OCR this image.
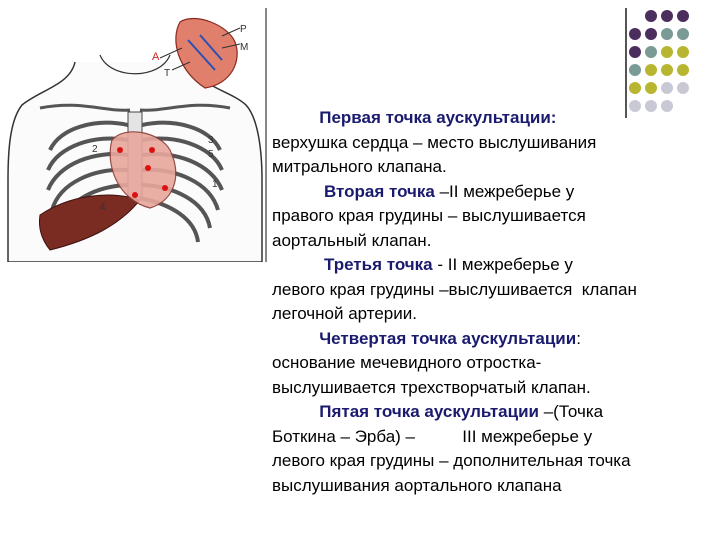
A
P
M
T
3
5
1
2
4
Первая точка аускультации:
верхушка сердца – место выслушивания
митрального клапана.
Вторая точка –II межреберье у
правого края грудины – выслушивается
аортальный клапан.
Третья точка - II межреберье у
левого края грудины –выслушивается  клапан
легочной артерии.
Четвертая точка аускультации:
основание мечевидного отростка-
выслушивается трехстворчатый клапан.
Пятая точка аускультации –(Точка
Боткина – Эрба) –          III межреберье у
левого края грудины – дополнительная точка
выслушивания аортального клапана
